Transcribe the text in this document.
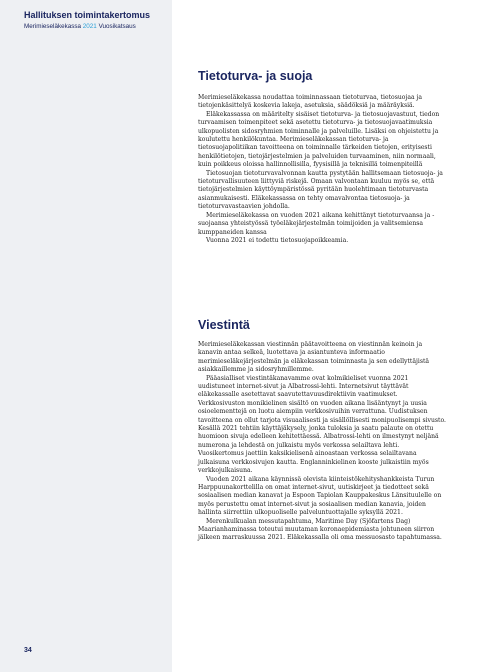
Hallituksen toimintakertomus
Merimieseläkekassa 2021 Vuosikatsaus
Tietoturva- ja suoja

Merimieseläkekassa noudattaa toiminnassaan tietoturvaa, tietosuojaa ja tietojenkäsittelyä koskevia lakeja, asetuksia, säädöksiä ja määräyksiä.

Eläkekassassa on määritelty sisäiset tietoturva- ja tietosuojavastuut, tiedon turvaamisen toimenpiteet sekä asetettu tietoturva- ja tietosuojavaatimuksia ulkopuolisten sidosryhmien toiminnalle ja palveluille. Lisäksi on ohjeistettu ja koulutettu henkilökuntaa. Merimieseläkekassan tietoturva- ja tietosuojapolitiikan tavoitteena on toiminnalle tärkeiden tietojen, erityisesti henkilötietojen, tietojärjestelmien ja palveluiden turvaaminen, niin normaali, kuin poikkeus oloissa hallinnollisilla, fyysisillä ja teknisillä toimenpiteillä

Tietosuojan tietoturvavalvonnan kautta pystytään hallitsemaan tietosuoja- ja tietoturvallisuuteen liittyviä riskejä. Omaan valvontaan kuuluu myös se, että tietojärjestelmien käyttöympäristössä pyritään huolehtimaan tietoturvasta asianmukaisesti. Eläkekassassa on tehty omavalvontaa tietosuoja- ja tietoturvavastaavien johdolla.

Merimieseläkekassa on vuoden 2021 aikana kehittänyt tietoturvaansa ja -suojaansa yhteistyössä työeläkejärjestelmän toimijoiden ja valitsemiensa kumppaneiden kanssa

Vuonna 2021 ei todettu tietosuojapoikkeamia.

Viestintä

Merimieseläkekassan viestinnän päätavoitteena on viestinnän keinoin ja kanavin antaa selkeä, luotettava ja asiantunteva informaatio merimieseläkejärjestelmän ja eläkekassan toiminnasta ja sen edellyttäjistä asiakkaillemme ja sidosryhmillemme.

Pääasialliset viestintäkanavamme ovat kolmikieliset vuonna 2021 uudistuneet internet-sivut ja Albatrossi-lehti. Internetsivut täyttävät eläkekassalle asetettavat saavutettavuusdirektiivin vaatimukset. Verkkosivuston monikielinen sisältö on vuoden aikana lisääntynyt ja uusia osioelementtejä on luotu aiempiin verkkosivuihin verrattuna. Uudistuksen tavoitteena on ollut tarjota visuaalisesti ja sisällöllisesti monipuolisempi sivusto. Kesällä 2021 tehtiin käyttäjäkysely, jonka tuloksia ja saatu palaute on otettu huomioon sivuja edelleen kehitettäessä. Albatrossi-lehti on ilmestynyt neljänä numerona ja lehdestä on julkaistu myös verkossa selailtava lehti. Vuosikertomus jaettiin kaksikielisenä ainoastaan verkossa selailtavana julkaisuna verkkosivujen kautta. Englanninkielinen kooste julkaistiin myös verkkojulkaisuna.

Vuoden 2021 aikana käynnissä olevista kiinteistökehityshankkeista Turun Harppuunakorttelilla on omat internet-sivut, uutiskirjeet ja tiedotteet sekä sosiaalisen median kanavat ja Espoon Tapiolan Kauppakeskus Länsituulelle on myös perustettu omat internet-sivut ja sosiaalisen median kanavia, joiden hallinta siirrettiin ulkopuoliselle palveluntuottajalle syksyllä 2021.

Merenkulkualan messutapahtuma, Maritime Day (Sjöfartens Dag) Maarianhaminassa toteutui muutaman koronaepidemiasta johtuneen siirron jälkeen marraskuussa 2021. Eläkekassalla oli oma messuosasto tapahtumassa.

34
